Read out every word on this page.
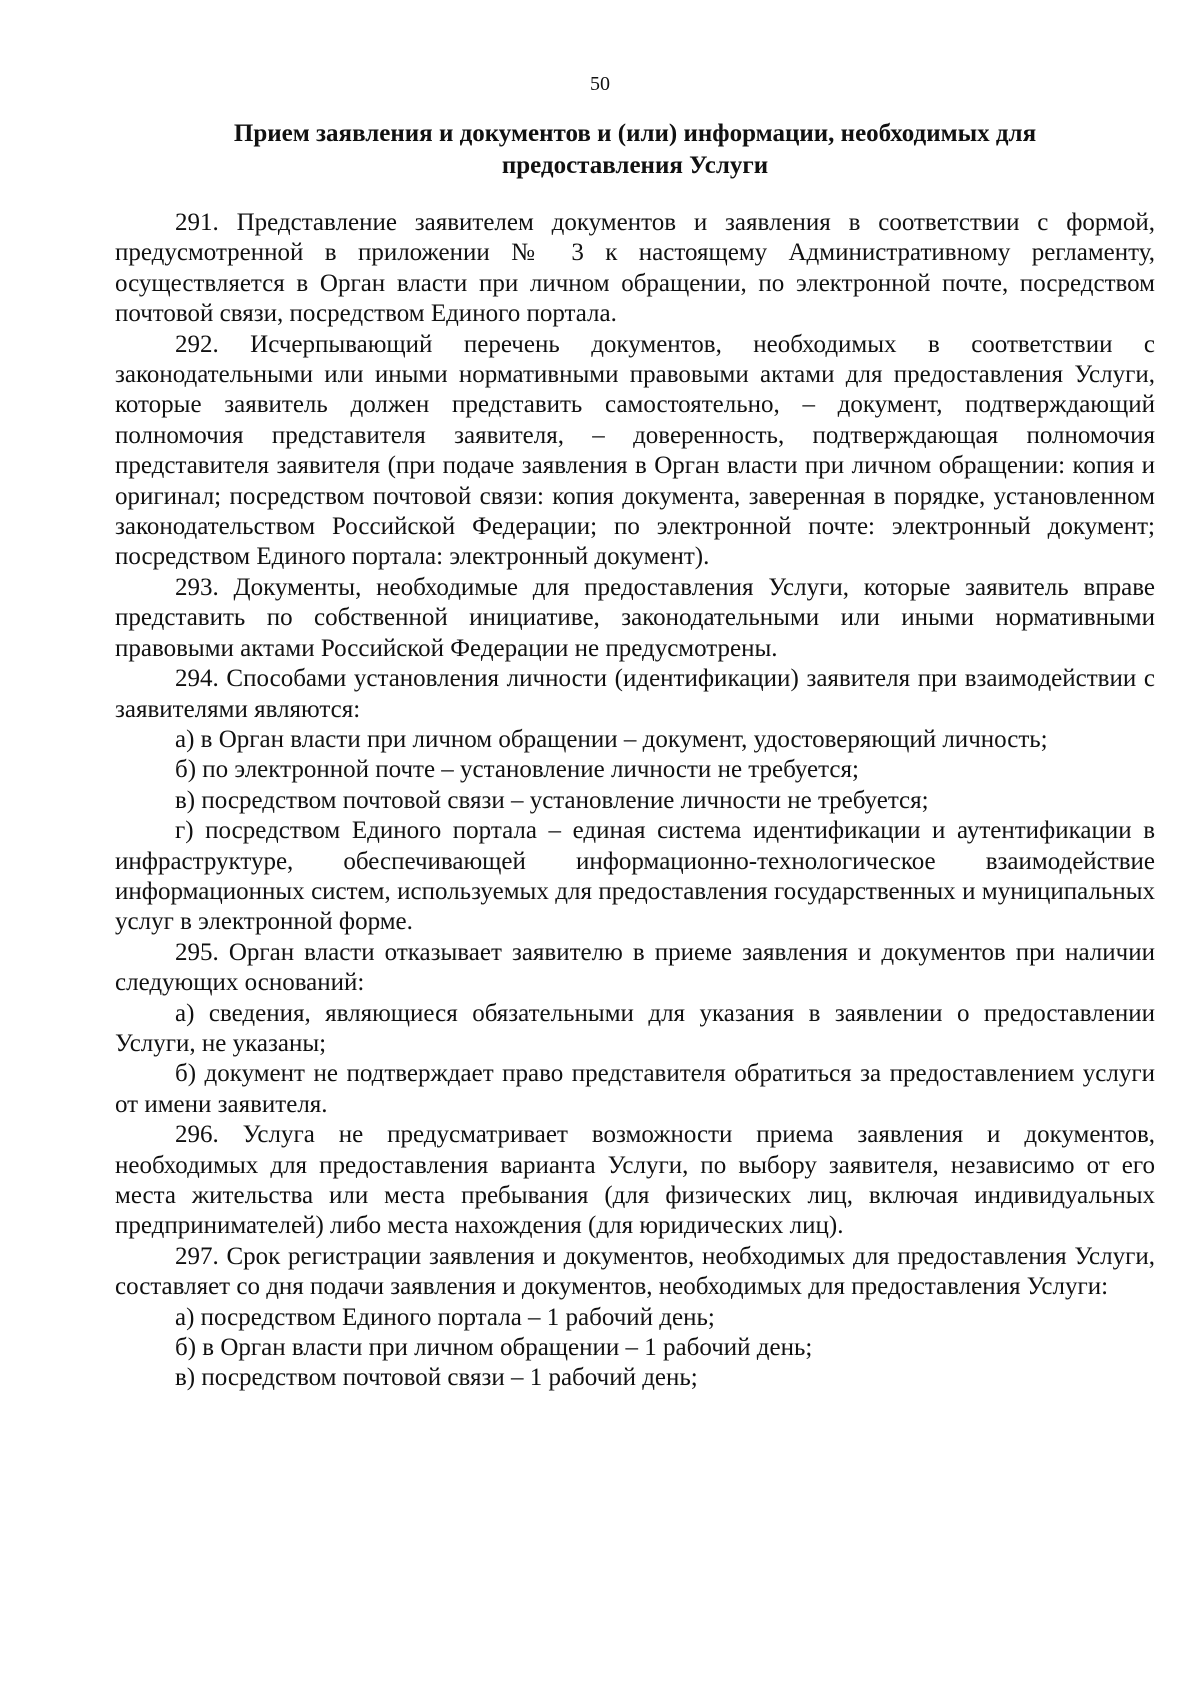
50
Прием заявления и документов и (или) информации, необходимых для
предоставления Услуги

291. Представление заявителем документов и заявления в соответствии с формой, предусмотренной в приложении № 3 к настоящему Административному регламенту, осуществляется в Орган власти при личном обращении, по электронной почте, посредством почтовой связи, посредством Единого портала.

292. Исчерпывающий перечень документов, необходимых в соответствии с законодательными или иными нормативными правовыми актами для предоставления Услуги, которые заявитель должен представить самостоятельно, – документ, подтверждающий полномочия представителя заявителя, – доверенность, подтверждающая полномочия представителя заявителя (при подаче заявления в Орган власти при личном обращении: копия и оригинал; посредством почтовой связи: копия документа, заверенная в порядке, установленном законодательством Российской Федерации; по электронной почте: электронный документ; посредством Единого портала: электронный документ).

293. Документы, необходимые для предоставления Услуги, которые заявитель вправе представить по собственной инициативе, законодательными или иными нормативными правовыми актами Российской Федерации не предусмотрены.

294. Способами установления личности (идентификации) заявителя при взаимодействии с заявителями являются:

а) в Орган власти при личном обращении – документ, удостоверяющий личность;

б) по электронной почте – установление личности не требуется;

в) посредством почтовой связи – установление личности не требуется;

г) посредством Единого портала – единая система идентификации и аутентификации в инфраструктуре, обеспечивающей информационно-технологическое взаимодействие информационных систем, используемых для предоставления государственных и муниципальных услуг в электронной форме.

295. Орган власти отказывает заявителю в приеме заявления и документов при наличии следующих оснований:

а) сведения, являющиеся обязательными для указания в заявлении о предоставлении Услуги, не указаны;

б) документ не подтверждает право представителя обратиться за предоставлением услуги от имени заявителя.

296. Услуга не предусматривает возможности приема заявления и документов, необходимых для предоставления варианта Услуги, по выбору заявителя, независимо от его места жительства или места пребывания (для физических лиц, включая индивидуальных предпринимателей) либо места нахождения (для юридических лиц).

297. Срок регистрации заявления и документов, необходимых для предоставления Услуги, составляет со дня подачи заявления и документов, необходимых для предоставления Услуги:

а) посредством Единого портала – 1 рабочий день;

б) в Орган власти при личном обращении – 1 рабочий день;

в) посредством почтовой связи – 1 рабочий день;
